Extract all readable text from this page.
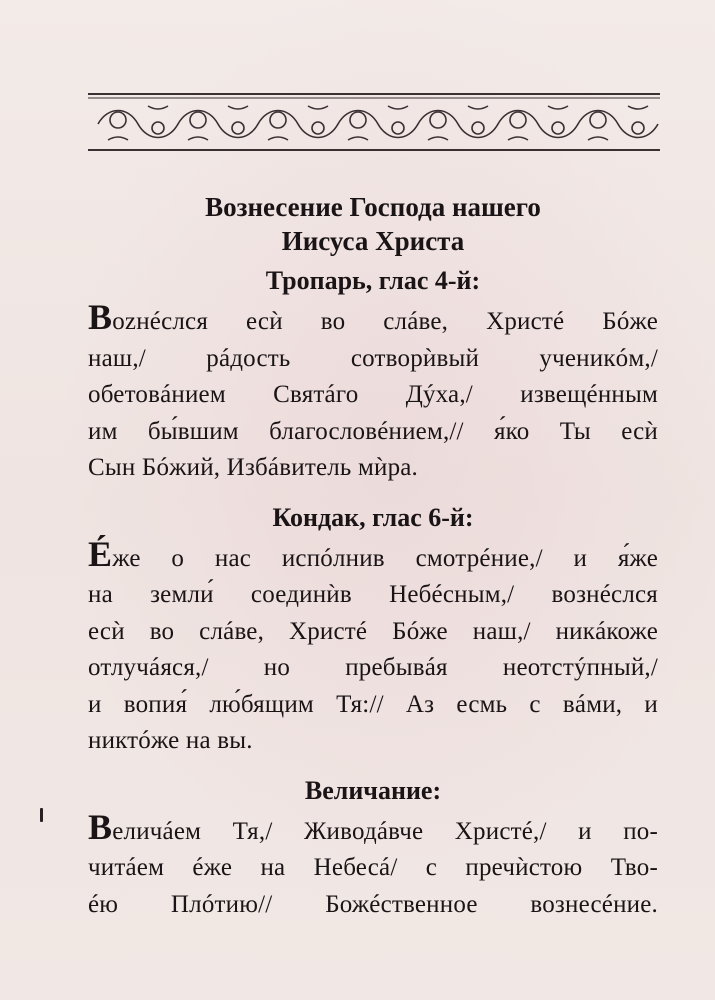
Вознесение Господа нашего
Иисуса Христа
Тропарь, глас 4-й:
Вozнéслся есѝ во слáве, Христé Бóже
наш,/ рáдость сотворѝвый ученикóм,/
обетовáнием Святáго Дýха,/ извещéнным
им бы́вшим благословéнием,// я́ко Ты есѝ
Сын Бóжий, Избáвитель мѝра.
Кондак, глас 6-й:
Éже о нас испóлнив смотрéние,/ и я́же
на земли́ соединѝв Небéсным,/ вознéслся
есѝ во слáве, Христé Бóже наш,/ никáкоже
отлучáяся,/ но пребывáя неотстýпный,/
и вопия́ лю́бящим Тя:// Аз есмь с вáми, и
никтóже на вы.
Величание:
Величáем Тя,/ Живодáвче Христé,/ и по-
читáем éже на Небесá/ с пречѝстою Тво-
éю Плóтию// Божéственное вознесéние.
